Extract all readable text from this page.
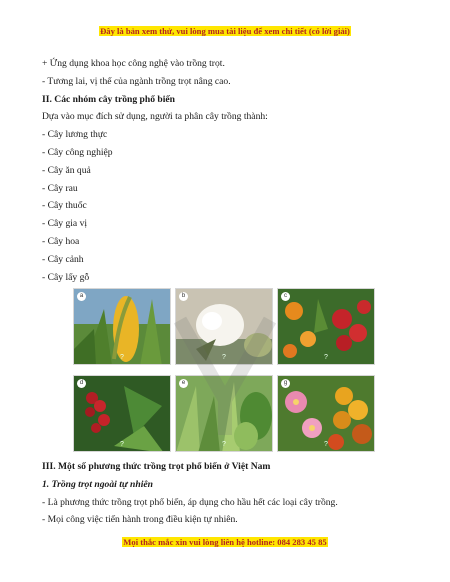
Đây là bản xem thử, vui lòng mua tài liệu để xem chi tiết (có lời giải)
+ Ứng dụng khoa học công nghệ vào trồng trọt.
- Tương lai, vị thế của ngành trồng trọt nâng cao.
II. Các nhóm cây trồng phổ biến
Dựa vào mục đích sử dụng, người ta phân cây trồng thành:
- Cây lương thực
- Cây công nghiệp
- Cây ăn quả
- Cây rau
- Cây thuốc
- Cây gia vị
- Cây hoa
- Cây cảnh
- Cây lấy gỗ
a
?
b
?
c
?
d
?
e
?
g
?
III. Một số phương thức trồng trọt phổ biến ở Việt Nam
1. Trồng trọt ngoài tự nhiên
- Là phương thức trồng trọt phổ biến, áp dụng cho hầu hết các loại cây trồng.
- Mọi công việc tiến hành trong điều kiện tự nhiên.
Mọi thắc mắc xin vui lòng liên hệ hotline: 084 283 45 85
